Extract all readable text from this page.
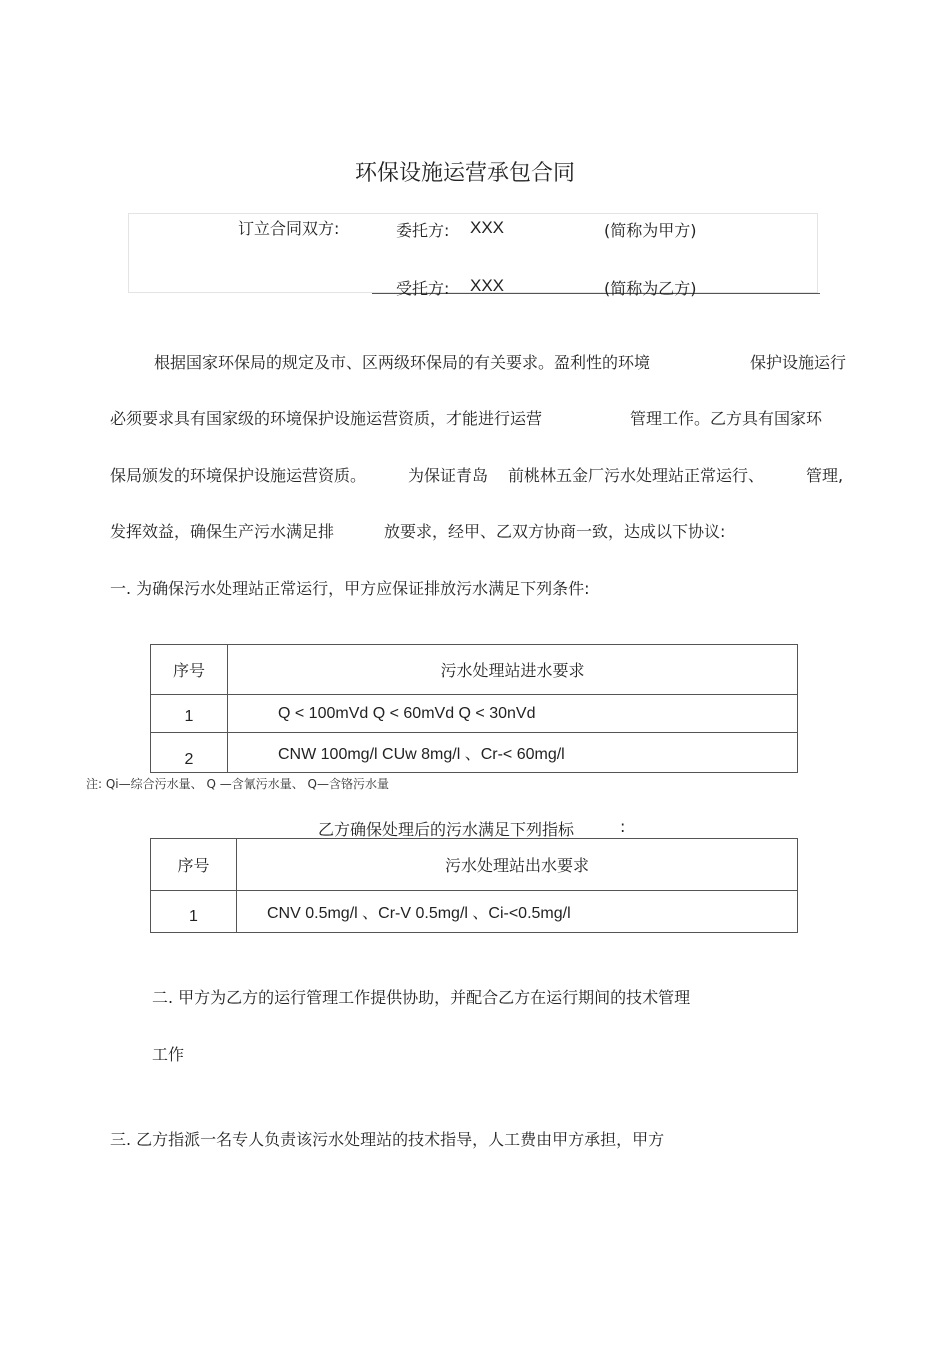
环保设施运营承包合同
订立合同双方:	委托方: XXX	(简称为甲方)
受托方: XXX	(简称为乙方)
根据国家环保局的规定及市、区两级环保局的有关要求。盈利性的环境	保护设施运行
必须要求具有国家级的环境保护设施运营资质，才能进行运营	管理工作。乙方具有国家环
保局颁发的环境保护设施运营资质。	为保证青岛 前桃林五金厂污水处理站正常运行、	管理,
发挥效益，确保生产污水满足排	放要求，经甲、乙双方协商一致，达成以下协议:
一. 为确保污水处理站正常运行，甲方应保证排放污水满足下列条件:
序号	污水处理站进水要求
1	Q < 100mVd Q < 60mVd Q < 30nVd
2	CNW 100mg/l CUw 8mg/l 、Cr-< 60mg/l
注: Qi—综合污水量、 Q —含氰污水量、 Q—含铬污水量
乙方确保处理后的污水满足下列指标	:
序号	污水处理站出水要求
1	CNV 0.5mg/l 、Cr-V 0.5mg/l 、Ci-<0.5mg/l
二. 甲方为乙方的运行管理工作提供协助，并配合乙方在运行期间的技术管理
工作
三. 乙方指派一名专人负责该污水处理站的技术指导，人工费由甲方承担，甲方
